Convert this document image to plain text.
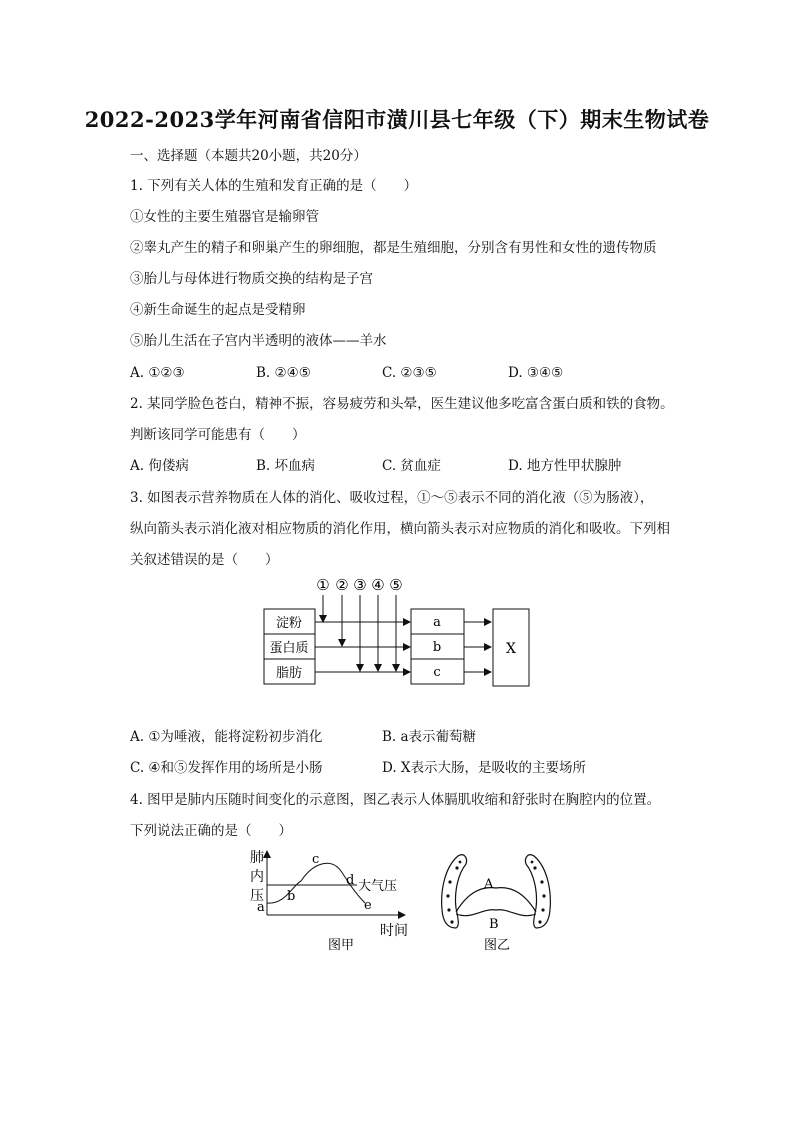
2022-2023学年河南省信阳市潢川县七年级（下）期末生物试卷
一、选择题（本题共20小题，共20分）
1. 下列有关人体的生殖和发育正确的是（　　）
①女性的主要生殖器官是输卵管
②睾丸产生的精子和卵巢产生的卵细胞，都是生殖细胞，分别含有男性和女性的遗传物质
③胎儿与母体进行物质交换的结构是子宫
④新生命诞生的起点是受精卵
⑤胎儿生活在子宫内半透明的液体——羊水
A. ①②③	B. ②④⑤	C. ②③⑤	D. ③④⑤
2. 某同学脸色苍白，精神不振，容易疲劳和头晕，医生建议他多吃富含蛋白质和铁的食物。
判断该同学可能患有（　　）
A. 佝偻病	B. 坏血病	C. 贫血症	D. 地方性甲状腺肿
3. 如图表示营养物质在人体的消化、吸收过程，①～⑤表示不同的消化液（⑤为肠液），
纵向箭头表示消化液对相应物质的消化作用，横向箭头表示对应物质的消化和吸收。下列相
关叙述错误的是（　　）
① ② ③ ④ ⑤
淀粉
蛋白质
脂肪
a
b
c
X
A. ①为唾液，能将淀粉初步消化	B. a表示葡萄糖
C. ④和⑤发挥作用的场所是小肠	D. X表示大肠，是吸收的主要场所
4. 图甲是肺内压随时间变化的示意图，图乙表示人体膈肌收缩和舒张时在胸腔内的位置。
下列说法正确的是（　　）
肺
内
压
a
b
c
d
e
大气压
时间
图甲
A
B
图乙
